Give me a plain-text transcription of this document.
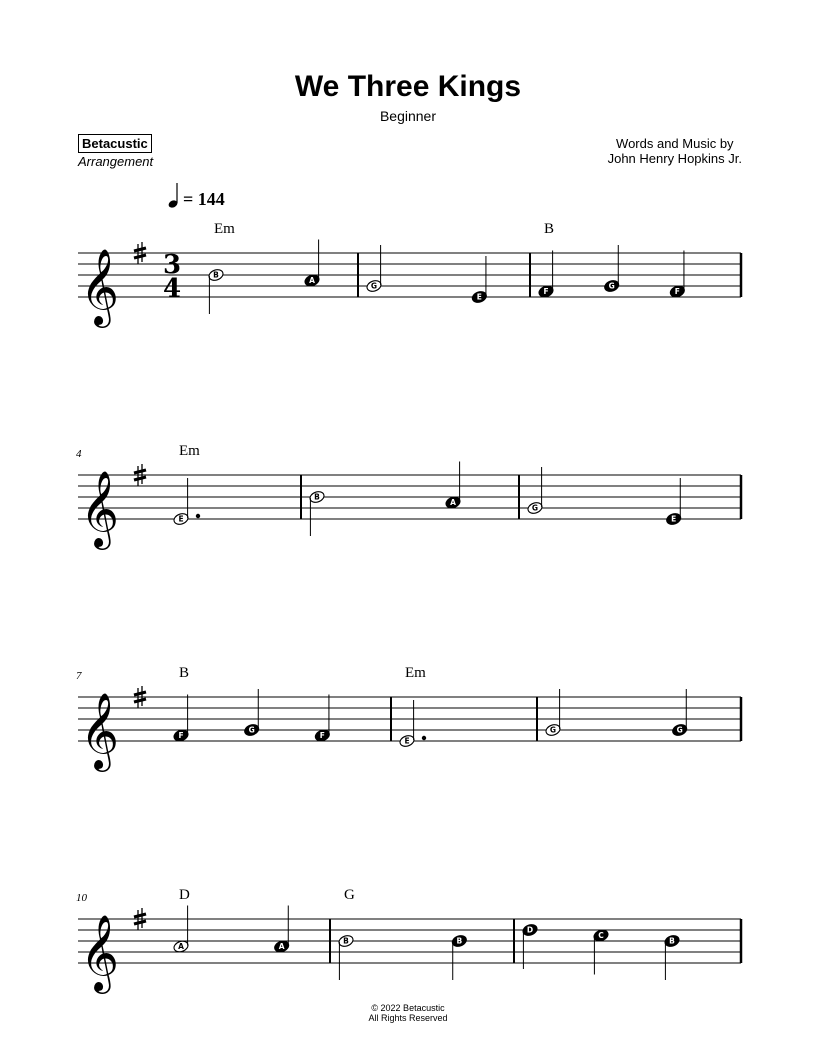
We Three Kings
Beginner
Betacustic
Arrangement
Words and Music by
John Henry Hopkins Jr.
= 144
𝄞 3
4
Em
B
A
G
E
B
F
G
F
4
𝄞
Em
E
B
A
G
E
7
𝄞
B
F
G
F
Em
E
G	G
10
𝄞
D
A	A
G
B	B
D
C
B
© 2022 Betacustic
All Rights Reserved
